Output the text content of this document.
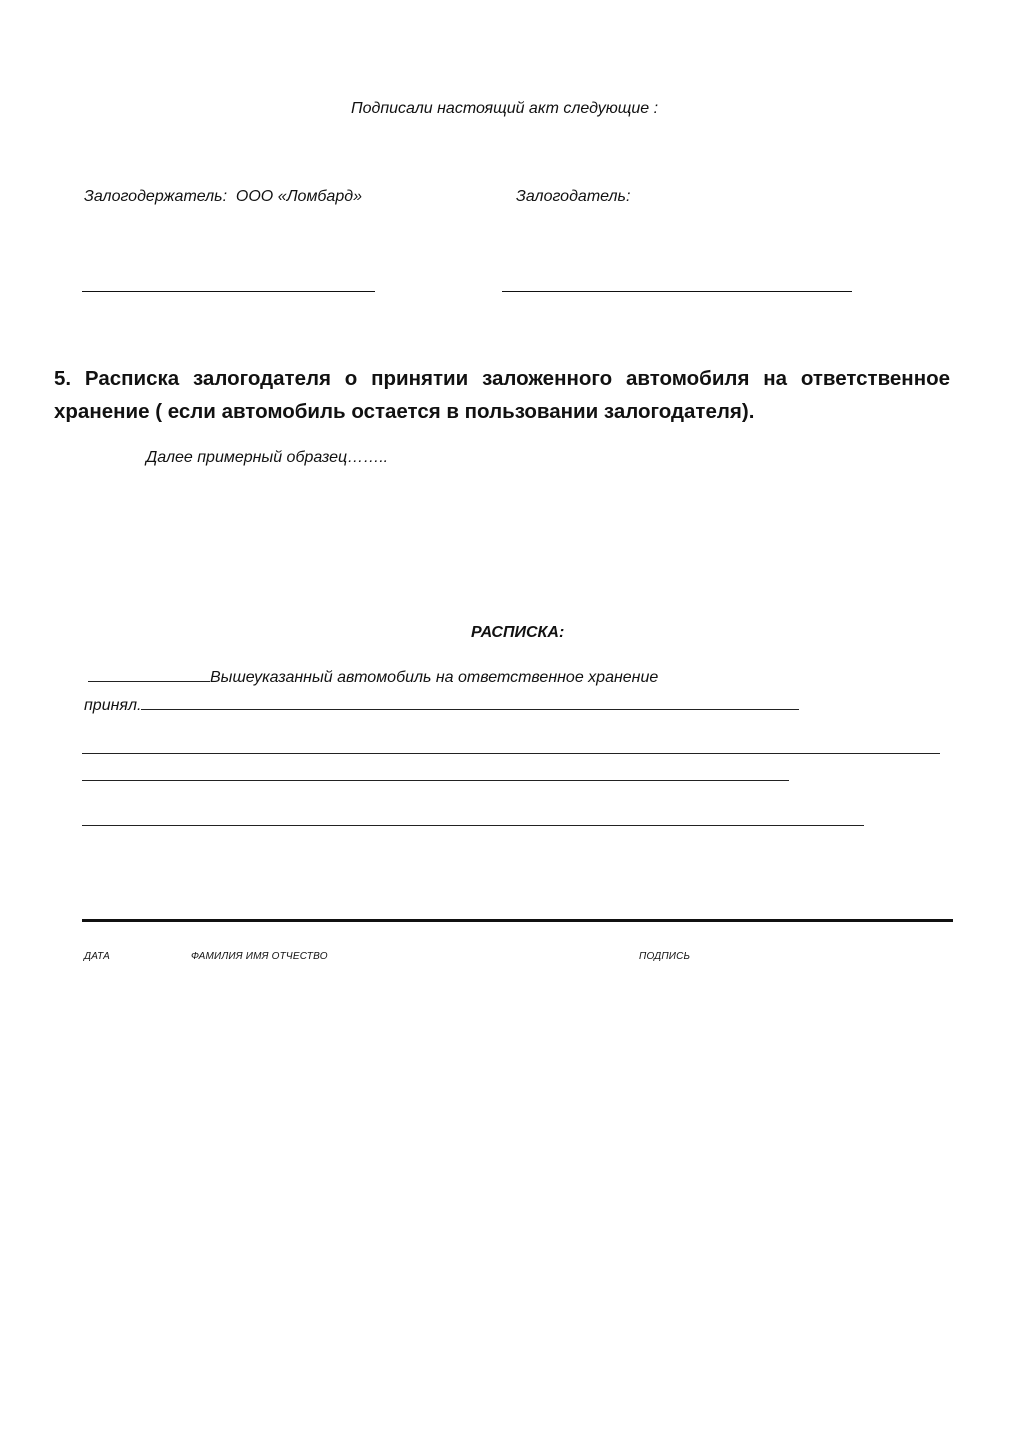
Подписали настоящий акт следующие :
Залогодержатель: ООО «Ломбард»	Залогодатель:
5. Расписка залогодателя о принятии заложенного автомобиля на ответственное хранение ( если автомобиль остается в пользовании залогодателя).
Далее примерный образец……..
РАСПИСКА:
Вышеуказанный автомобиль на ответственное хранение
принял.
ДАТА	ФАМИЛИЯ ИМЯ ОТЧЕСТВО	ПОДПИСЬ
